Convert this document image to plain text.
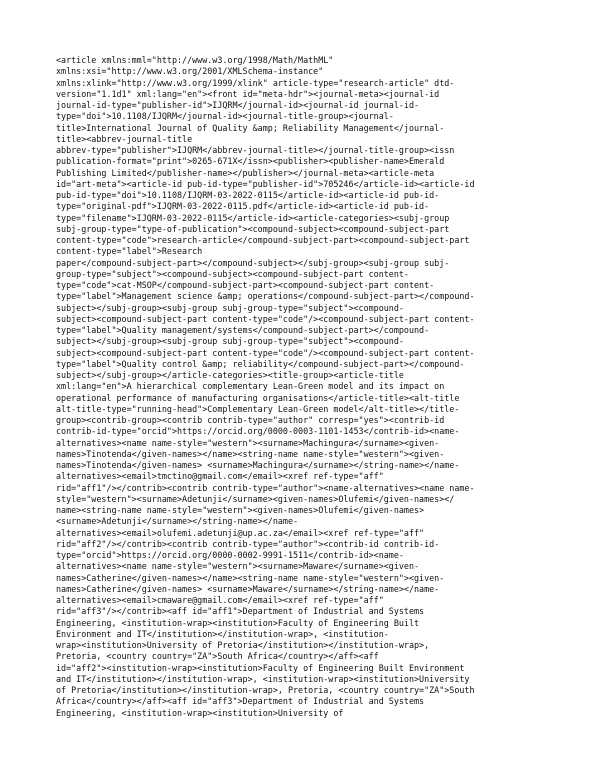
<article xmlns:mml="http://www.w3.org/1998/Math/MathML"
xmlns:xsi="http://www.w3.org/2001/XMLSchema-instance"
xmlns:xlink="http://www.w3.org/1999/xlink" article-type="research-article" dtd-
version="1.1d1" xml:lang="en"><front id="meta-hdr"><journal-meta><journal-id
journal-id-type="publisher-id">IJQRM</journal-id><journal-id journal-id-
type="doi">10.1108/IJQRM</journal-id><journal-title-group><journal-
title>International Journal of Quality &amp; Reliability Management</journal-
title><abbrev-journal-title
abbrev-type="publisher">IJQRM</abbrev-journal-title></journal-title-group><issn
publication-format="print">0265-671X</issn><publisher><publisher-name>Emerald
Publishing Limited</publisher-name></publisher></journal-meta><article-meta
id="art-meta"><article-id pub-id-type="publisher-id">705246</article-id><article-id
pub-id-type="doi">10.1108/IJQRM-03-2022-0115</article-id><article-id pub-id-
type="original-pdf">IJQRM-03-2022-0115.pdf</article-id><article-id pub-id-
type="filename">IJQRM-03-2022-0115</article-id><article-categories><subj-group
subj-group-type="type-of-publication"><compound-subject><compound-subject-part
content-type="code">research-article</compound-subject-part><compound-subject-part
content-type="label">Research
paper</compound-subject-part></compound-subject></subj-group><subj-group subj-
group-type="subject"><compound-subject><compound-subject-part content-
type="code">cat-MSOP</compound-subject-part><compound-subject-part content-
type="label">Management science &amp; operations</compound-subject-part></compound-
subject></subj-group><subj-group subj-group-type="subject"><compound-
subject><compound-subject-part content-type="code"/><compound-subject-part content-
type="label">Quality management/systems</compound-subject-part></compound-
subject></subj-group><subj-group subj-group-type="subject"><compound-
subject><compound-subject-part content-type="code"/><compound-subject-part content-
type="label">Quality control &amp; reliability</compound-subject-part></compound-
subject></subj-group></article-categories><title-group><article-title
xml:lang="en">A hierarchical complementary Lean-Green model and its impact on
operational performance of manufacturing organisations</article-title><alt-title
alt-title-type="running-head">Complementary Lean-Green model</alt-title></title-
group><contrib-group><contrib contrib-type="author" corresp="yes"><contrib-id
contrib-id-type="orcid">https://orcid.org/0000-0003-1101-1453</contrib-id><name-
alternatives><name name-style="western"><surname>Machingura</surname><given-
names>Tinotenda</given-names></name><string-name name-style="western"><given-
names>Tinotenda</given-names> <surname>Machingura</surname></string-name></name-
alternatives><email>tmctino@gmail.com</email><xref ref-type="aff"
rid="aff1"/></contrib><contrib contrib-type="author"><name-alternatives><name name-
style="western"><surname>Adetunji</surname><given-names>Olufemi</given-names></
name><string-name name-style="western"><given-names>Olufemi</given-names>
<surname>Adetunji</surname></string-name></name-
alternatives><email>olufemi.adetunji@up.ac.za</email><xref ref-type="aff"
rid="aff2"/></contrib><contrib contrib-type="author"><contrib-id contrib-id-
type="orcid">https://orcid.org/0000-0002-9991-1511</contrib-id><name-
alternatives><name name-style="western"><surname>Maware</surname><given-
names>Catherine</given-names></name><string-name name-style="western"><given-
names>Catherine</given-names> <surname>Maware</surname></string-name></name-
alternatives><email>cmaware@gmail.com</email><xref ref-type="aff"
rid="aff3"/></contrib><aff id="aff1">Department of Industrial and Systems
Engineering, <institution-wrap><institution>Faculty of Engineering Built
Environment and IT</institution></institution-wrap>, <institution-
wrap><institution>University of Pretoria</institution></institution-wrap>,
Pretoria, <country country="ZA">South Africa</country></aff><aff
id="aff2"><institution-wrap><institution>Faculty of Engineering Built Environment
and IT</institution></institution-wrap>, <institution-wrap><institution>University
of Pretoria</institution></institution-wrap>, Pretoria, <country country="ZA">South
Africa</country></aff><aff id="aff3">Department of Industrial and Systems
Engineering, <institution-wrap><institution>University of
